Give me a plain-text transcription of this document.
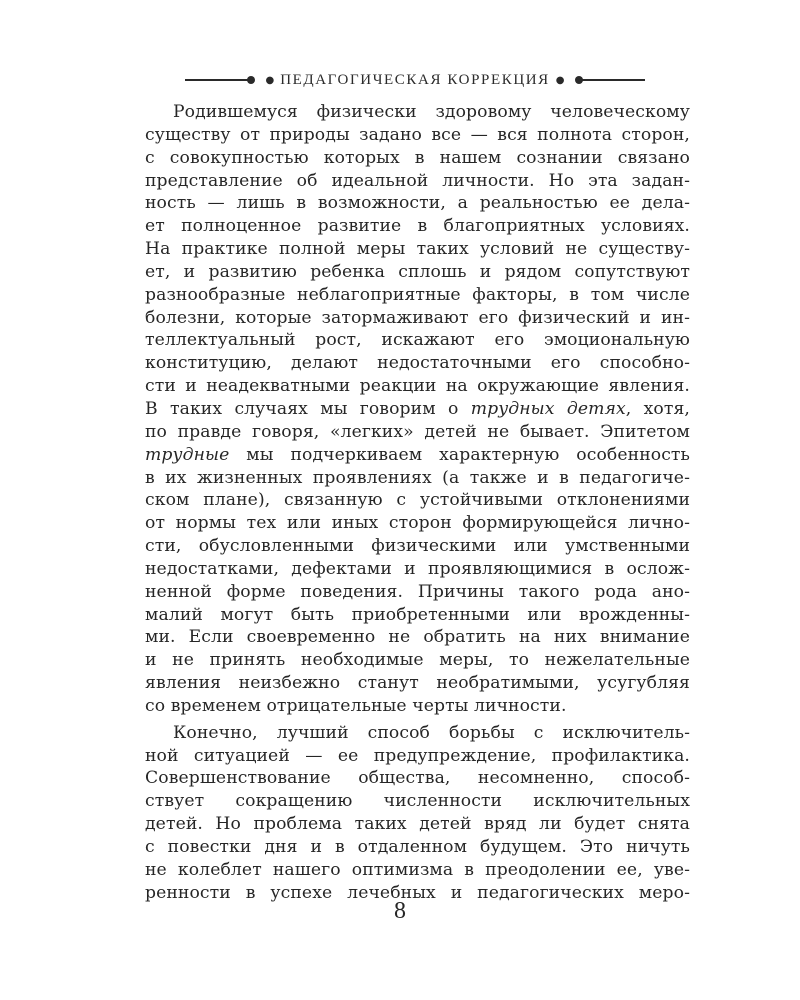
● ПЕДАГОГИЧЕСКАЯ КОРРЕКЦИЯ ●
Родившемуся физически здоровому человеческому
существу от природы задано все — вся полнота сторон,
с совокупностью которых в нашем сознании связано
представление об идеальной личности. Но эта задан-
ность — лишь в возможности, а реальностью ее дела-
ет полноценное развитие в благоприятных условиях.
На практике полной меры таких условий не существу-
ет, и развитию ребенка сплошь и рядом сопутствуют
разнообразные неблагоприятные факторы, в том числе
болезни, которые затормаживают его физический и ин-
теллектуальный рост, искажают его эмоциональную
конституцию, делают недостаточными его способно-
сти и неадекватными реакции на окружающие явления.
В таких случаях мы говорим о трудных детях, хотя,
по правде говоря, «легких» детей не бывает. Эпитетом
трудные мы подчеркиваем характерную особенность
в их жизненных проявлениях (а также и в педагогиче-
ском плане), связанную с устойчивыми отклонениями
от нормы тех или иных сторон формирующейся лично-
сти, обусловленными физическими или умственными
недостатками, дефектами и проявляющимися в ослож-
ненной форме поведения. Причины такого рода ано-
малий могут быть приобретенными или врожденны-
ми. Если своевременно не обратить на них внимание
и не принять необходимые меры, то нежелательные
явления неизбежно станут необратимыми, усугубляя
со временем отрицательные черты личности.
Конечно, лучший способ борьбы с исключитель-
ной ситуацией — ее предупреждение, профилактика.
Совершенствование общества, несомненно, способ-
ствует сокращению численности исключительных
детей. Но проблема таких детей вряд ли будет снята
с повестки дня и в отдаленном будущем. Это ничуть
не колеблет нашего оптимизма в преодолении ее, уве-
ренности в успехе лечебных и педагогических меро-
8
